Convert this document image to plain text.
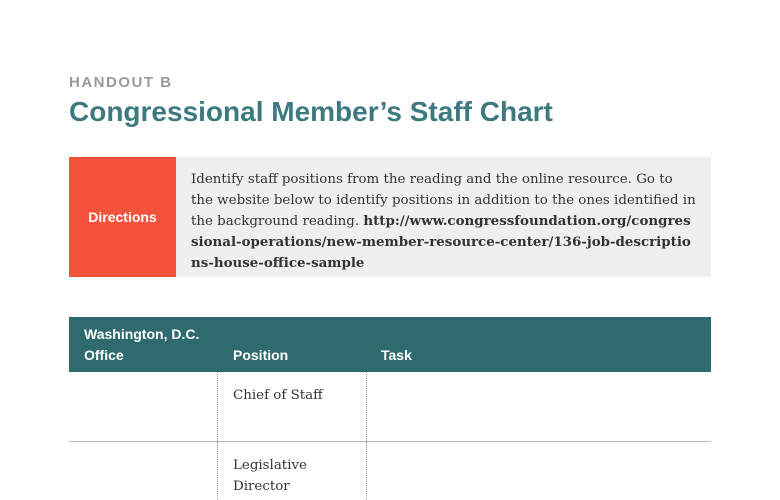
HANDOUT B
Congressional Member’s Staff Chart
Directions
Identify staff positions from the reading and the online resource. Go to the website below to identify positions in addition to the ones identified in the background reading. http://www.congressfoundation.org/congressional-operations/new-member-resource-center/136-job-descriptions-house-office-sample
Washington, D.C. Office	Position	Task
Chief of Staff
Legislative Director
